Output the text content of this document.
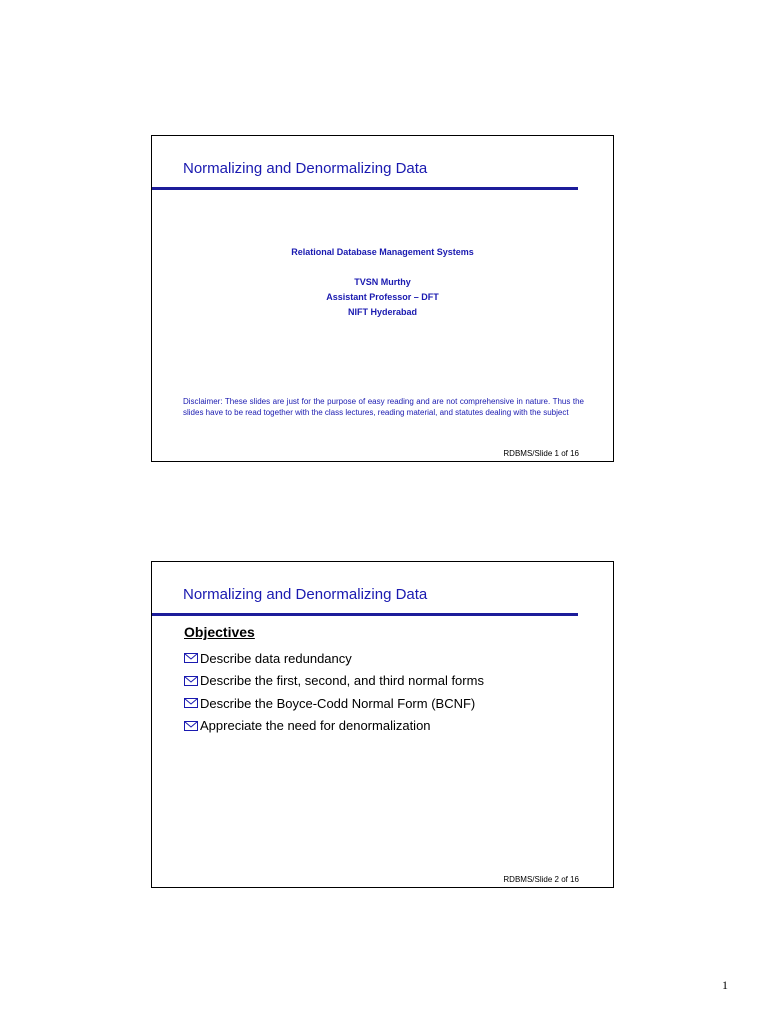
Normalizing and Denormalizing Data
Relational Database Management Systems
TVSN Murthy
Assistant Professor – DFT
NIFT Hyderabad
Disclaimer: These slides are just for the purpose of easy reading and are not comprehensive in nature. Thus the slides have to be read together with the class lectures, reading material, and statutes dealing with the subject
RDBMS/Slide 1 of 16
Normalizing and Denormalizing Data
Objectives
Describe data redundancy
Describe the first, second, and third normal forms
Describe the Boyce-Codd Normal Form (BCNF)
Appreciate the need for denormalization
RDBMS/Slide 2 of 16
1
